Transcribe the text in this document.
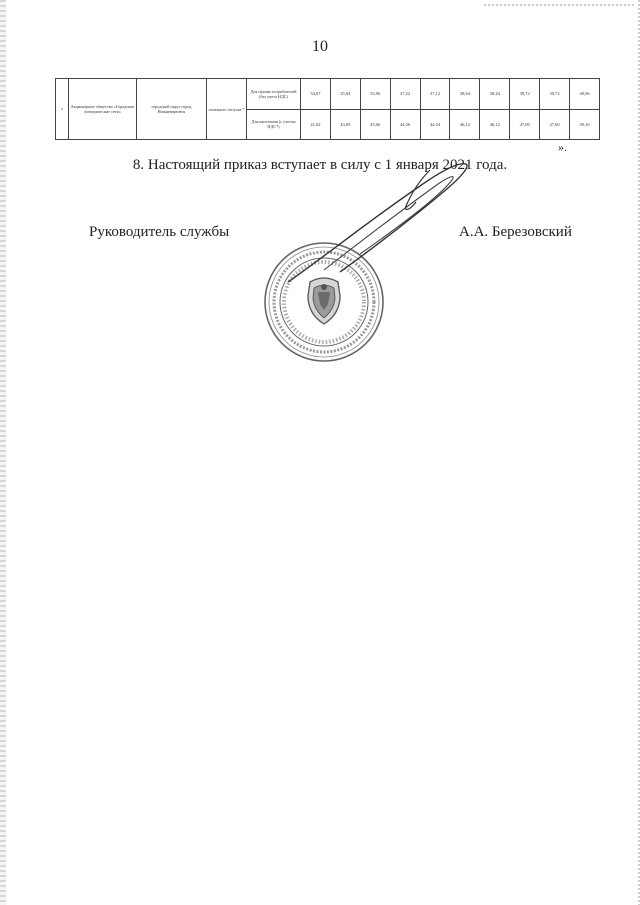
10
7	Акционерное общество «Городские электрические сети»	городской округ город Нижневартовск	полезного отпуска *	Для прочих потребителей (без учета НДС)	34,07	35,94	35,96	37,22	37,12	38,64	38,44	39,72	39,72	40,96
				Для населения (с учетом НДС*)	41,02	43,09	43,06	44,56	44,54	46,12	46,12	47,00	47,60	49,16
».
8. Настоящий приказ вступает в силу с 1 января 2021 года.
Руководитель службы	А.А. Березовский
